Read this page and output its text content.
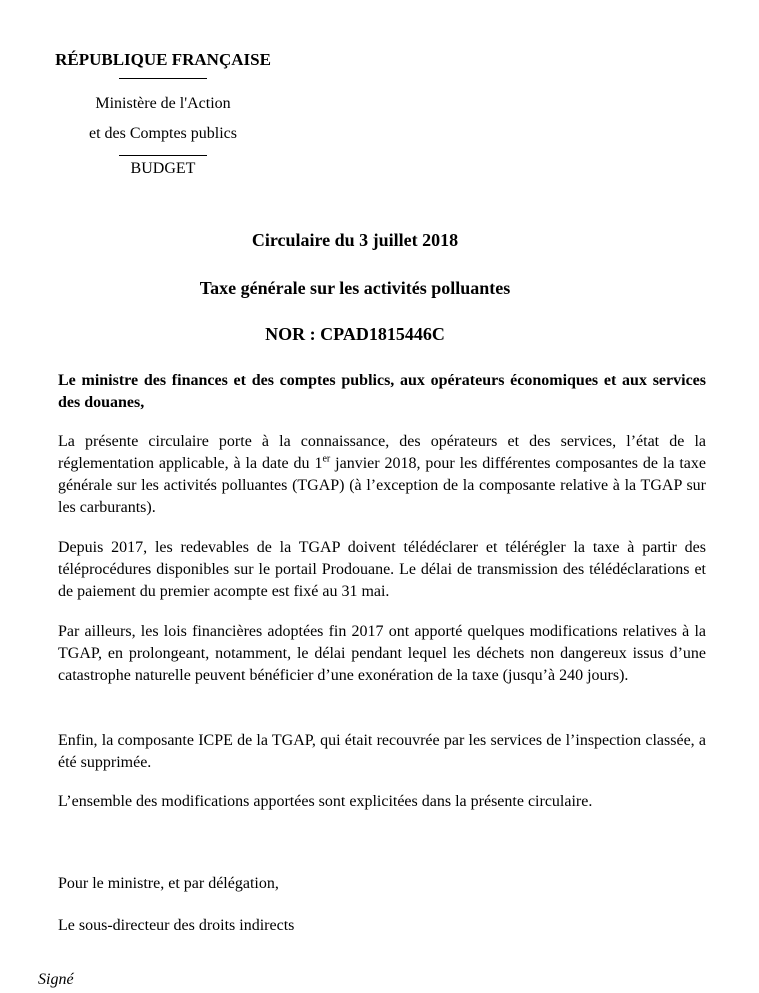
RÉPUBLIQUE FRANÇAISE
Ministère de l'Action
et des Comptes publics
BUDGET
Circulaire du 3 juillet 2018
Taxe générale sur les activités polluantes
NOR : CPAD1815446C
Le ministre des finances et des comptes publics, aux opérateurs économiques et aux services des douanes,
La présente circulaire porte à la connaissance, des opérateurs et des services, l’état de la réglementation applicable, à la date du 1er janvier 2018, pour les différentes composantes de la taxe générale sur les activités polluantes (TGAP) (à l’exception de la composante relative à la TGAP sur les carburants).
Depuis 2017, les redevables de la TGAP doivent télédéclarer et télérégler la taxe à partir des téléprocédures disponibles sur le portail Prodouane. Le délai de transmission des télédéclarations et de paiement du premier acompte est fixé au 31 mai.
Par ailleurs, les lois financières adoptées fin 2017 ont apporté quelques modifications relatives à la TGAP, en prolongeant, notamment, le délai pendant lequel les déchets non dangereux issus d’une catastrophe naturelle peuvent bénéficier d’une exonération de la taxe (jusqu’à 240 jours).
Enfin, la composante ICPE de la TGAP, qui était recouvrée par les services de l’inspection classée, a été supprimée.
L’ensemble des modifications apportées sont explicitées dans la présente circulaire.
Pour le ministre, et par délégation,
Le sous-directeur des droits indirects
Signé
